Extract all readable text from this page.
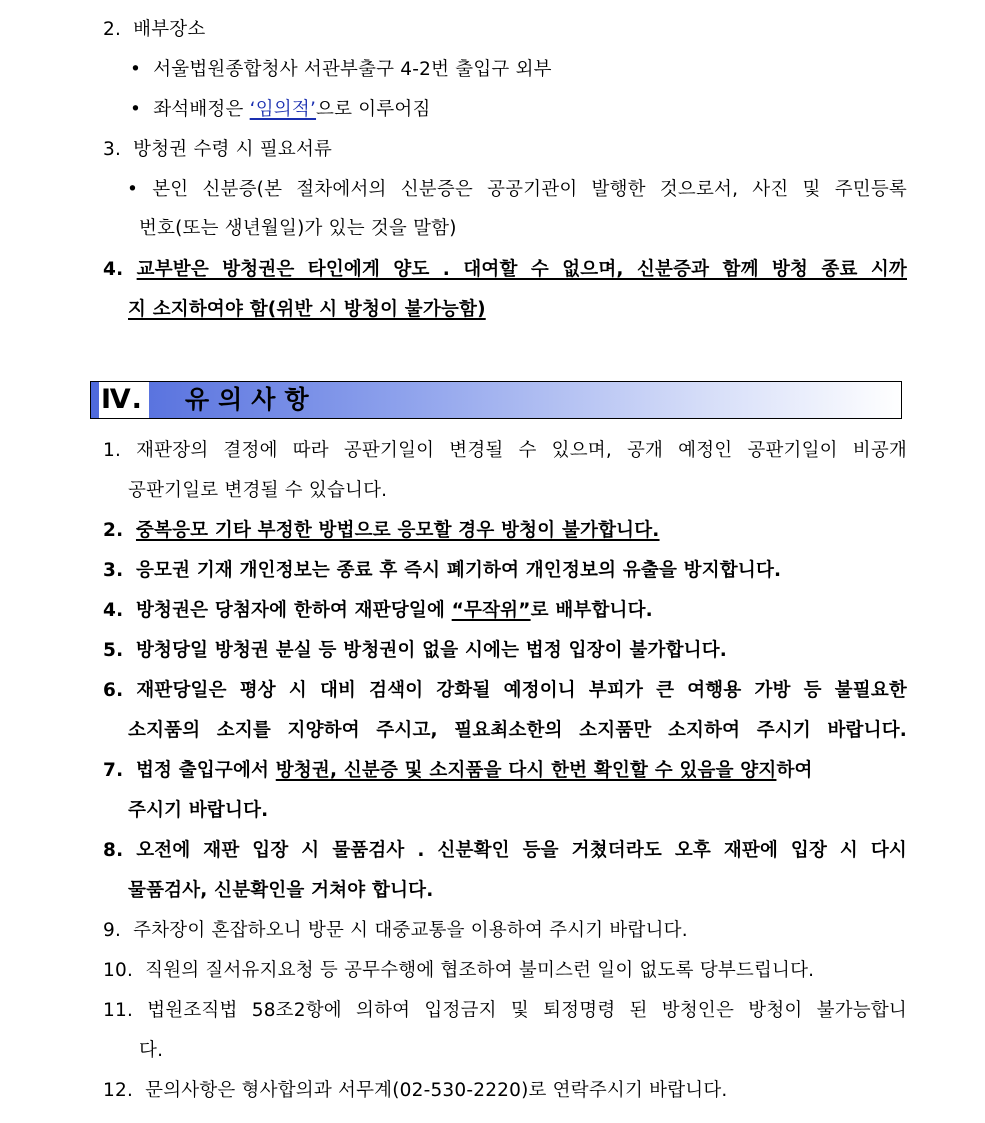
2. 배부장소
• 서울법원종합청사 서관부출구 4-2번 출입구 외부
• 좌석배정은 ‘임의적’으로 이루어짐
3. 방청권 수령 시 필요서류
• 본인 신분증(본 절차에서의 신분증은 공공기관이 발행한 것으로서, 사진 및 주민등록
번호(또는 생년월일)가 있는 것을 말함)
4. 교부받은 방청권은 타인에게 양도 . 대여할 수 없으며, 신분증과 함께 방청 종료 시까
지 소지하여야 함(위반 시 방청이 불가능함)
Ⅳ. 유의사항
1. 재판장의 결정에 따라 공판기일이 변경될 수 있으며, 공개 예정인 공판기일이 비공개
공판기일로 변경될 수 있습니다.
2. 중복응모 기타 부정한 방법으로 응모할 경우 방청이 불가합니다.
3. 응모권 기재 개인정보는 종료 후 즉시 폐기하여 개인정보의 유출을 방지합니다.
4. 방청권은 당첨자에 한하여 재판당일에 “무작위”로 배부합니다.
5. 방청당일 방청권 분실 등 방청권이 없을 시에는 법정 입장이 불가합니다.
6. 재판당일은 평상 시 대비 검색이 강화될 예정이니 부피가 큰 여행용 가방 등 불필요한
소지품의 소지를 지양하여 주시고, 필요최소한의 소지품만 소지하여 주시기 바랍니다.
7. 법정 출입구에서 방청권, 신분증 및 소지품을 다시 한번 확인할 수 있음을 양지하여
주시기 바랍니다.
8. 오전에 재판 입장 시 물품검사 . 신분확인 등을 거쳤더라도 오후 재판에 입장 시 다시
물품검사, 신분확인을 거쳐야 합니다.
9. 주차장이 혼잡하오니 방문 시 대중교통을 이용하여 주시기 바랍니다.
10. 직원의 질서유지요청 등 공무수행에 협조하여 불미스런 일이 없도록 당부드립니다.
11. 법원조직법 58조2항에 의하여 입정금지 및 퇴정명령 된 방청인은 방청이 불가능합니
다.
12. 문의사항은 형사합의과 서무계(02-530-2220)로 연락주시기 바랍니다.
